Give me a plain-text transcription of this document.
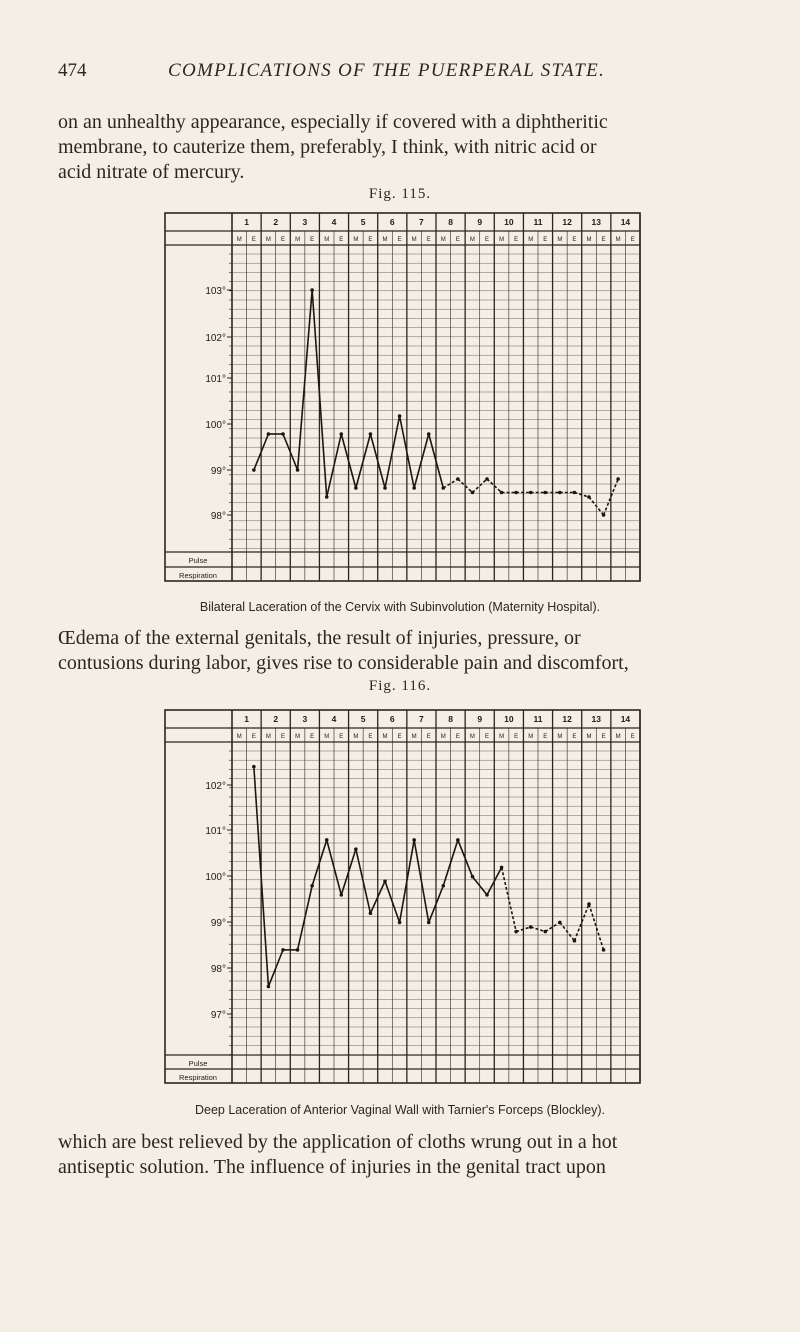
474	COMPLICATIONS OF THE PUERPERAL STATE.
on an unhealthy appearance, especially if covered with a diphtheritic
membrane, to cauterize them, preferably, I think, with nitric acid or
acid nitrate of mercury.
Fig. 115.
Bilateral Laceration of the Cervix with Subinvolution (Maternity Hospital).
Œdema of the external genitals, the result of injuries, pressure, or
contusions during labor, gives rise to considerable pain and discomfort,
Fig. 116.
Deep Laceration of Anterior Vaginal Wall with Tarnier's Forceps (Blockley).
which are best relieved by the application of cloths wrung out in a hot
antiseptic solution. The influence of injuries in the genital tract upon
1
M E
2
M E
3
M E
4
M E
5
M E
6
M E
7
M E
8
M E
9
M E
10
M E
11
M E
12
M E
13
M E
14
M E
103°
102°
101°
100°
99°
98°
Pulse
Respiration
1
M E
2
M E
3
M E
4
M E
5
M E
6
M E
7
M E
8
M E
9
M E
10
M E
11
M E
12
M E
13
M E
14
M E
102°
101°
100°
99°
98°
97°
Pulse
Respiration
